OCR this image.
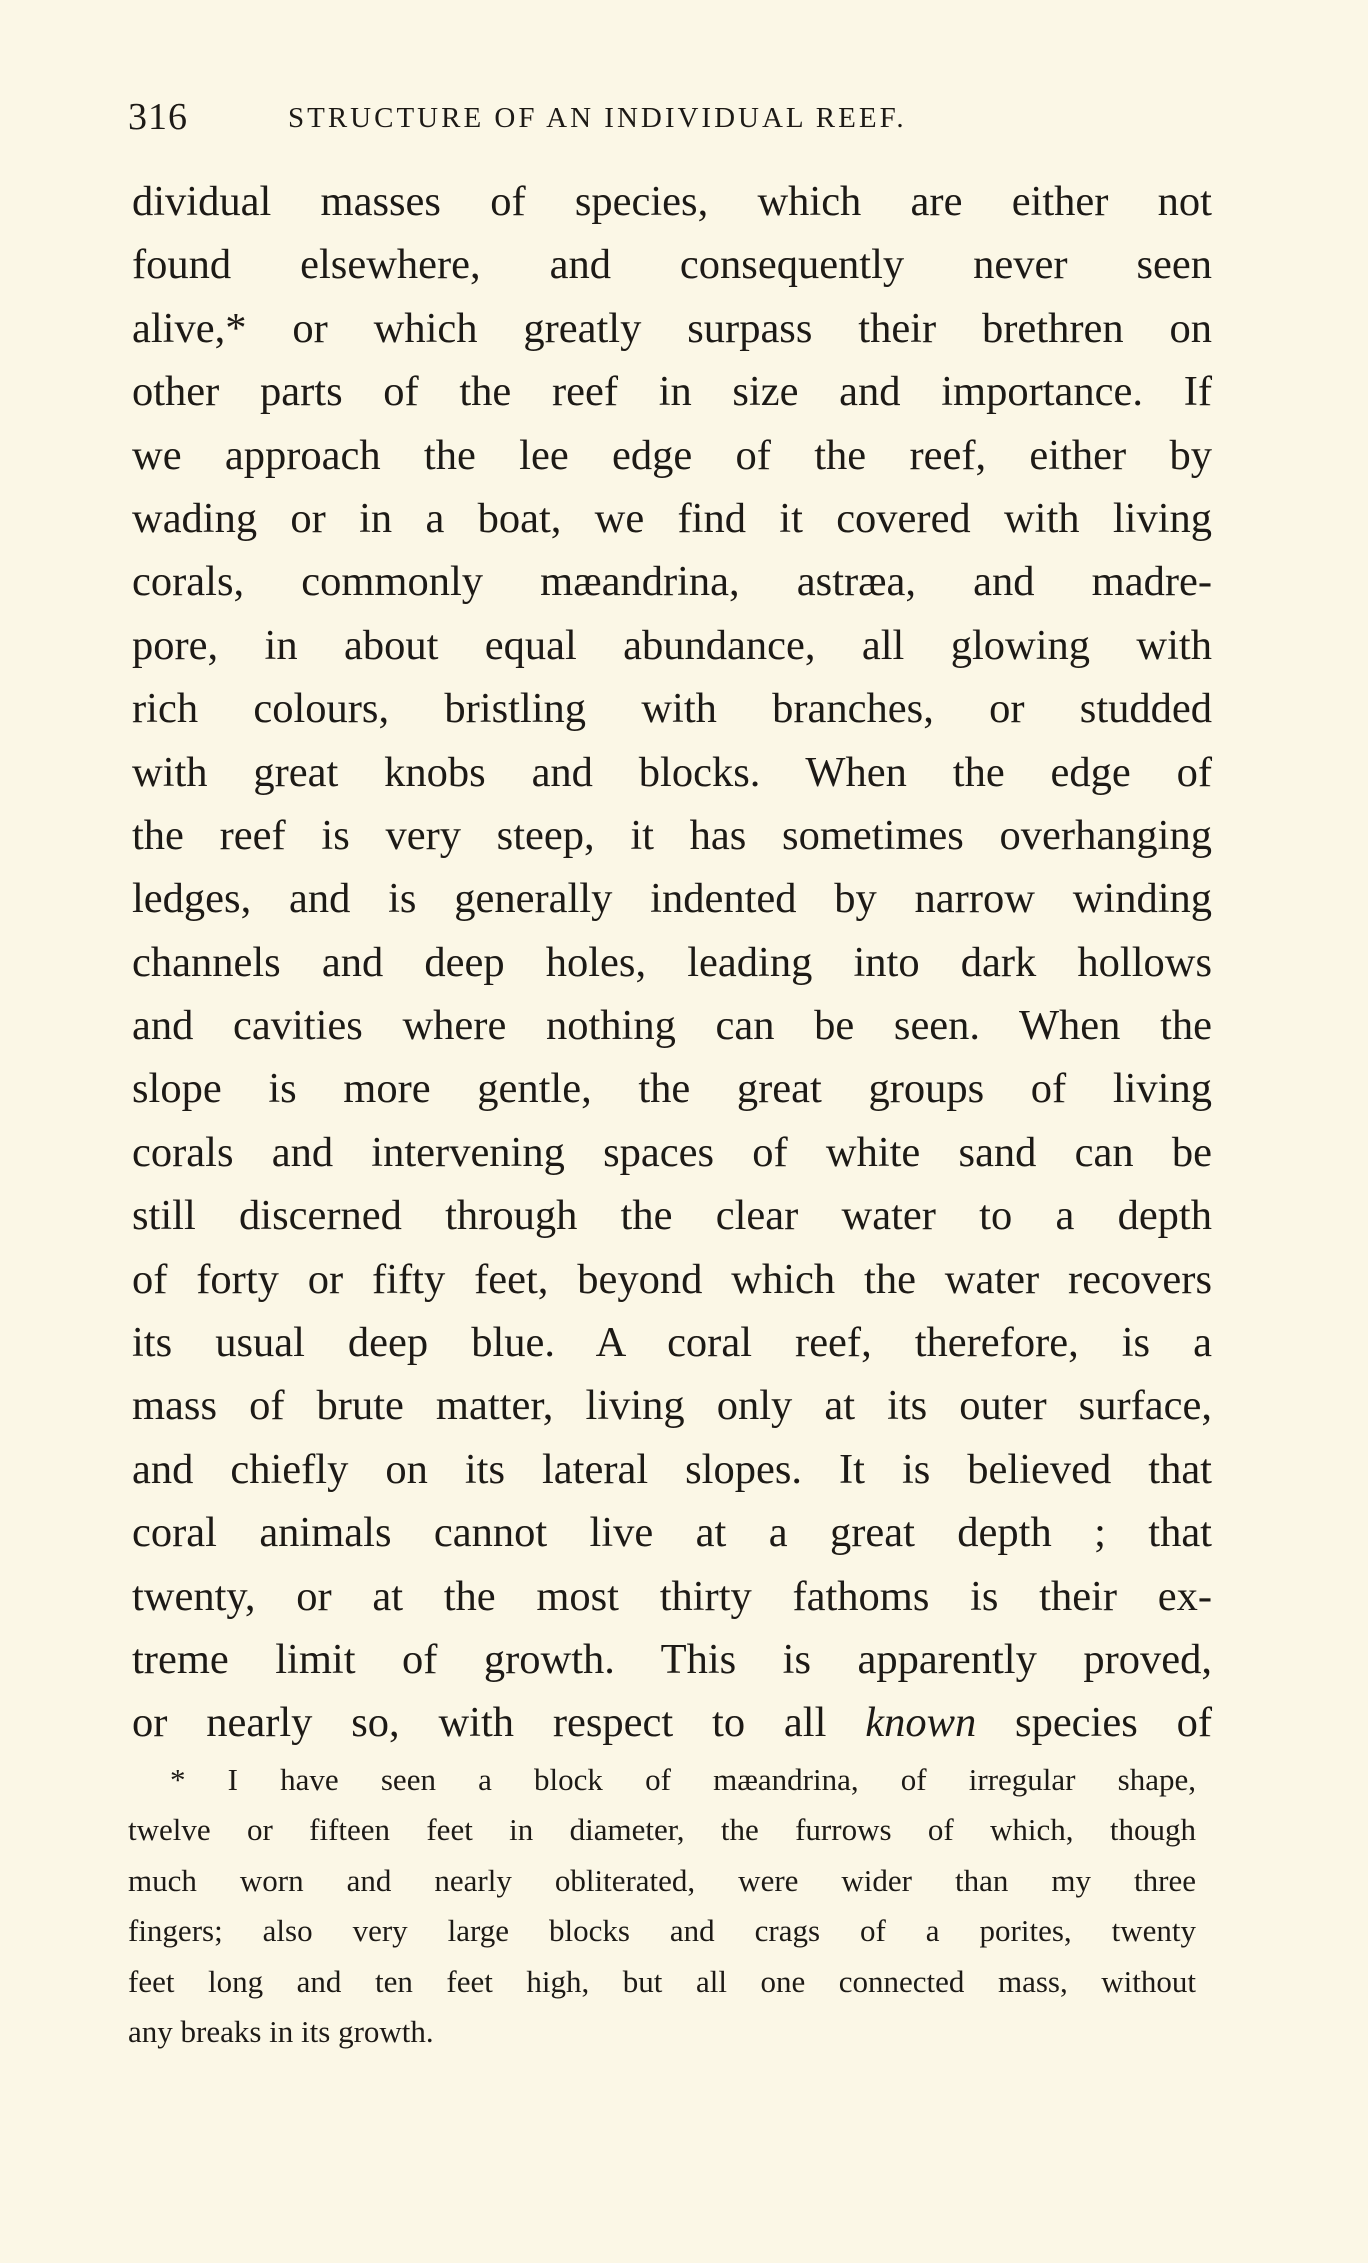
316	STRUCTURE OF AN INDIVIDUAL REEF.
dividual masses of species, which are either not
found elsewhere, and consequently never seen
alive,* or which greatly surpass their brethren on
other parts of the reef in size and importance. If
we approach the lee edge of the reef, either by
wading or in a boat, we find it covered with living
corals, commonly mæandrina, astræa, and madre-
pore, in about equal abundance, all glowing with
rich colours, bristling with branches, or studded
with great knobs and blocks. When the edge of
the reef is very steep, it has sometimes overhanging
ledges, and is generally indented by narrow winding
channels and deep holes, leading into dark hollows
and cavities where nothing can be seen. When the
slope is more gentle, the great groups of living
corals and intervening spaces of white sand can be
still discerned through the clear water to a depth
of forty or fifty feet, beyond which the water recovers
its usual deep blue. A coral reef, therefore, is a
mass of brute matter, living only at its outer surface,
and chiefly on its lateral slopes. It is believed that
coral animals cannot live at a great depth ; that
twenty, or at the most thirty fathoms is their ex-
treme limit of growth. This is apparently proved,
or nearly so, with respect to all known species of
* I have seen a block of mæandrina, of irregular shape,
twelve or fifteen feet in diameter, the furrows of which, though
much worn and nearly obliterated, were wider than my three
fingers; also very large blocks and crags of a porites, twenty
feet long and ten feet high, but all one connected mass, without
any breaks in its growth.
